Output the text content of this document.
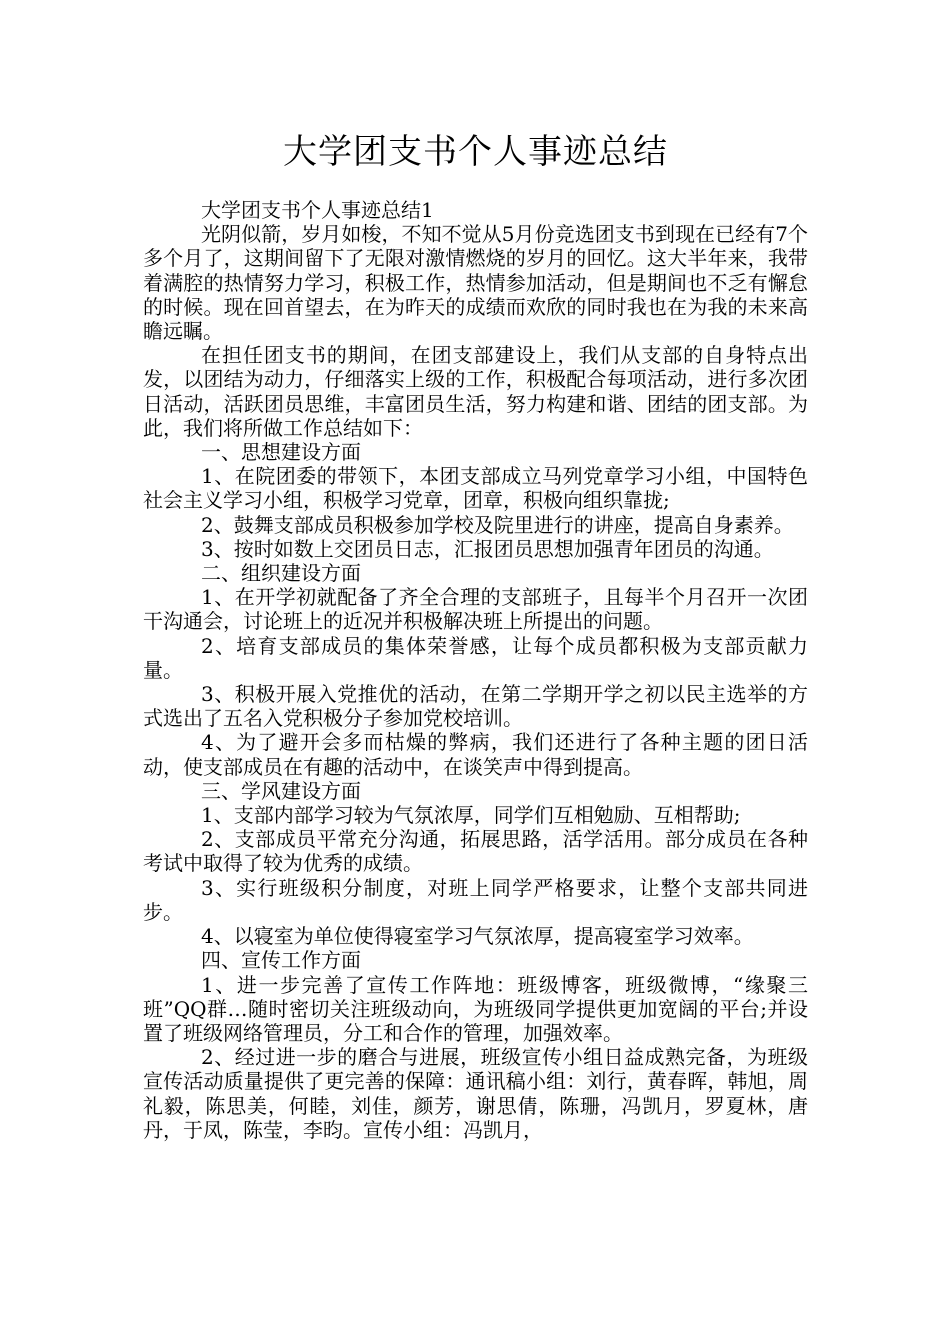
大学团支书个人事迹总结

大学团支书个人事迹总结1

光阴似箭，岁月如梭，不知不觉从5月份竞选团支书到现在已经有7个多个月了，这期间留下了无限对激情燃烧的岁月的回忆。这大半年来，我带着满腔的热情努力学习，积极工作，热情参加活动，但是期间也不乏有懈怠的时候。现在回首望去，在为昨天的成绩而欢欣的同时我也在为我的未来高瞻远瞩。

在担任团支书的期间，在团支部建设上，我们从支部的自身特点出发，以团结为动力，仔细落实上级的工作，积极配合每项活动，进行多次团日活动，活跃团员思维，丰富团员生活，努力构建和谐、团结的团支部。为此，我们将所做工作总结如下：

一、思想建设方面

1、在院团委的带领下，本团支部成立马列党章学习小组，中国特色社会主义学习小组，积极学习党章，团章，积极向组织靠拢;

2、鼓舞支部成员积极参加学校及院里进行的讲座，提高自身素养。

3、按时如数上交团员日志，汇报团员思想加强青年团员的沟通。

二、组织建设方面

1、在开学初就配备了齐全合理的支部班子，且每半个月召开一次团干沟通会，讨论班上的近况并积极解决班上所提出的问题。

2、培育支部成员的集体荣誉感，让每个成员都积极为支部贡献力量。

3、积极开展入党推优的活动，在第二学期开学之初以民主选举的方式选出了五名入党积极分子参加党校培训。

4、为了避开会多而枯燥的弊病，我们还进行了各种主题的团日活动，使支部成员在有趣的活动中，在谈笑声中得到提高。

三、学风建设方面

1、支部内部学习较为气氛浓厚，同学们互相勉励、互相帮助;

2、支部成员平常充分沟通，拓展思路，活学活用。部分成员在各种考试中取得了较为优秀的成绩。

3、实行班级积分制度，对班上同学严格要求，让整个支部共同进步。

4、以寝室为单位使得寝室学习气氛浓厚，提高寝室学习效率。

四、宣传工作方面

1、进一步完善了宣传工作阵地：班级博客，班级微博，“缘聚三班”QQ群…随时密切关注班级动向，为班级同学提供更加宽阔的平台;并设置了班级网络管理员，分工和合作的管理，加强效率。

2、经过进一步的磨合与进展，班级宣传小组日益成熟完备，为班级宣传活动质量提供了更完善的保障：通讯稿小组：刘行，黄春晖，韩旭，周礼毅，陈思美，何睦，刘佳，颜芳，谢思倩，陈珊，冯凯月，罗夏林，唐丹，于凤，陈莹，李昀。宣传小组：冯凯月，
